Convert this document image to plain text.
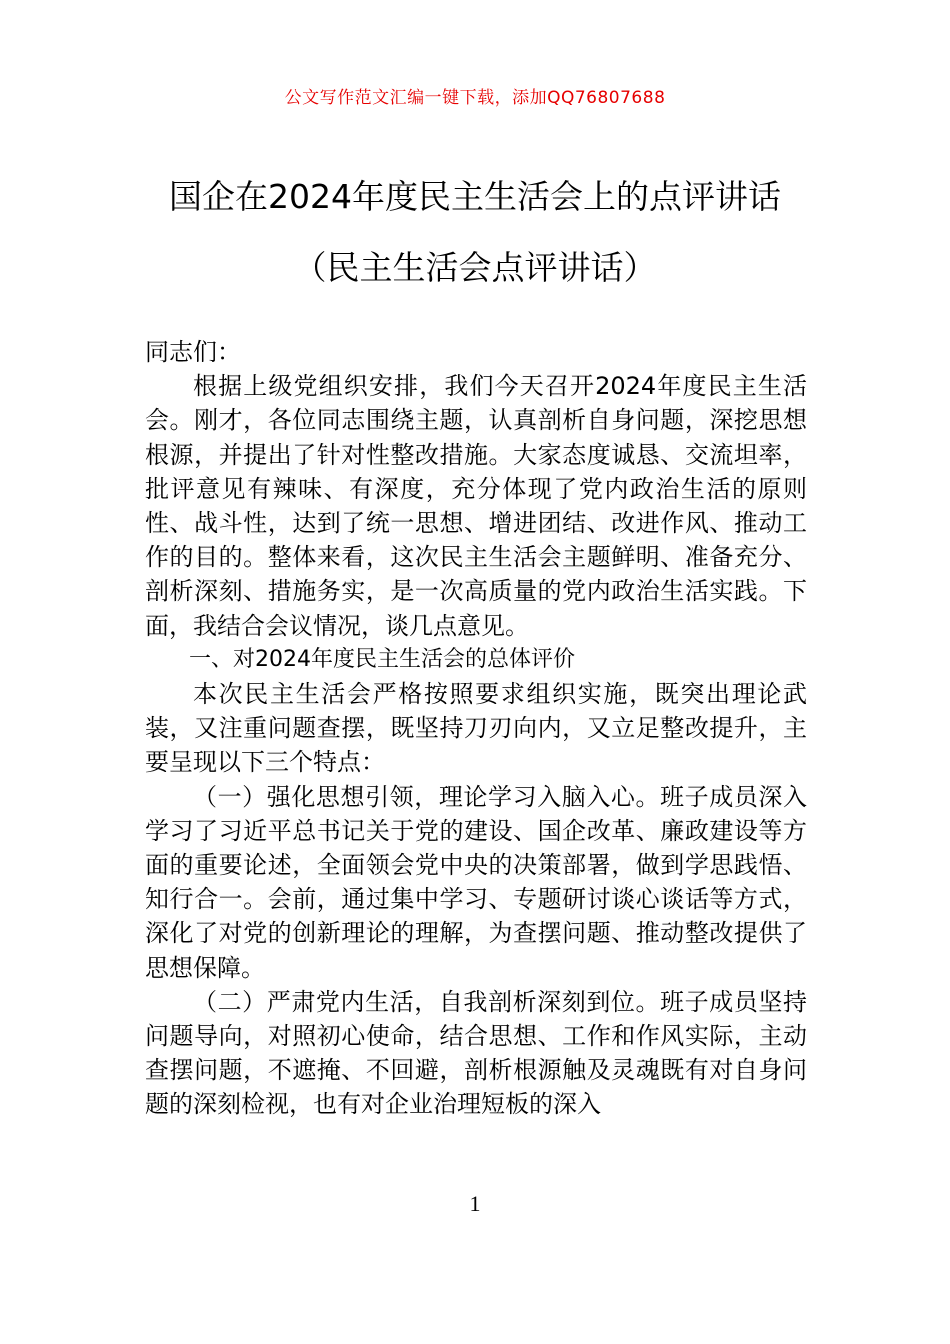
公文写作范文汇编一键下载，添加QQ76807688
国企在2024年度民主生活会上的点评讲话
（民主生活会点评讲话）

同志们：

根据上级党组织安排，我们今天召开2024年度民主生活会。刚才，各位同志围绕主题，认真剖析自身问题，深挖思想根源，并提出了针对性整改措施。大家态度诚恳、交流坦率，批评意见有辣味、有深度，充分体现了党内政治生活的原则性、战斗性，达到了统一思想、增进团结、改进作风、推动工作的目的。整体来看，这次民主生活会主题鲜明、准备充分、剖析深刻、措施务实，是一次高质量的党内政治生活实践。下面，我结合会议情况，谈几点意见。

一、对2024年度民主生活会的总体评价

本次民主生活会严格按照要求组织实施，既突出理论武装，又注重问题查摆，既坚持刀刃向内，又立足整改提升，主要呈现以下三个特点：

（一）强化思想引领，理论学习入脑入心。班子成员深入学习了习近平总书记关于党的建设、国企改革、廉政建设等方面的重要论述，全面领会党中央的决策部署，做到学思践悟、知行合一。会前，通过集中学习、专题研讨谈心谈话等方式，深化了对党的创新理论的理解，为查摆问题、推动整改提供了思想保障。

（二）严肃党内生活，自我剖析深刻到位。班子成员坚持问题导向，对照初心使命，结合思想、工作和作风实际，主动查摆问题，不遮掩、不回避，剖析根源触及灵魂既有对自身问题的深刻检视，也有对企业治理短板的深入

1
